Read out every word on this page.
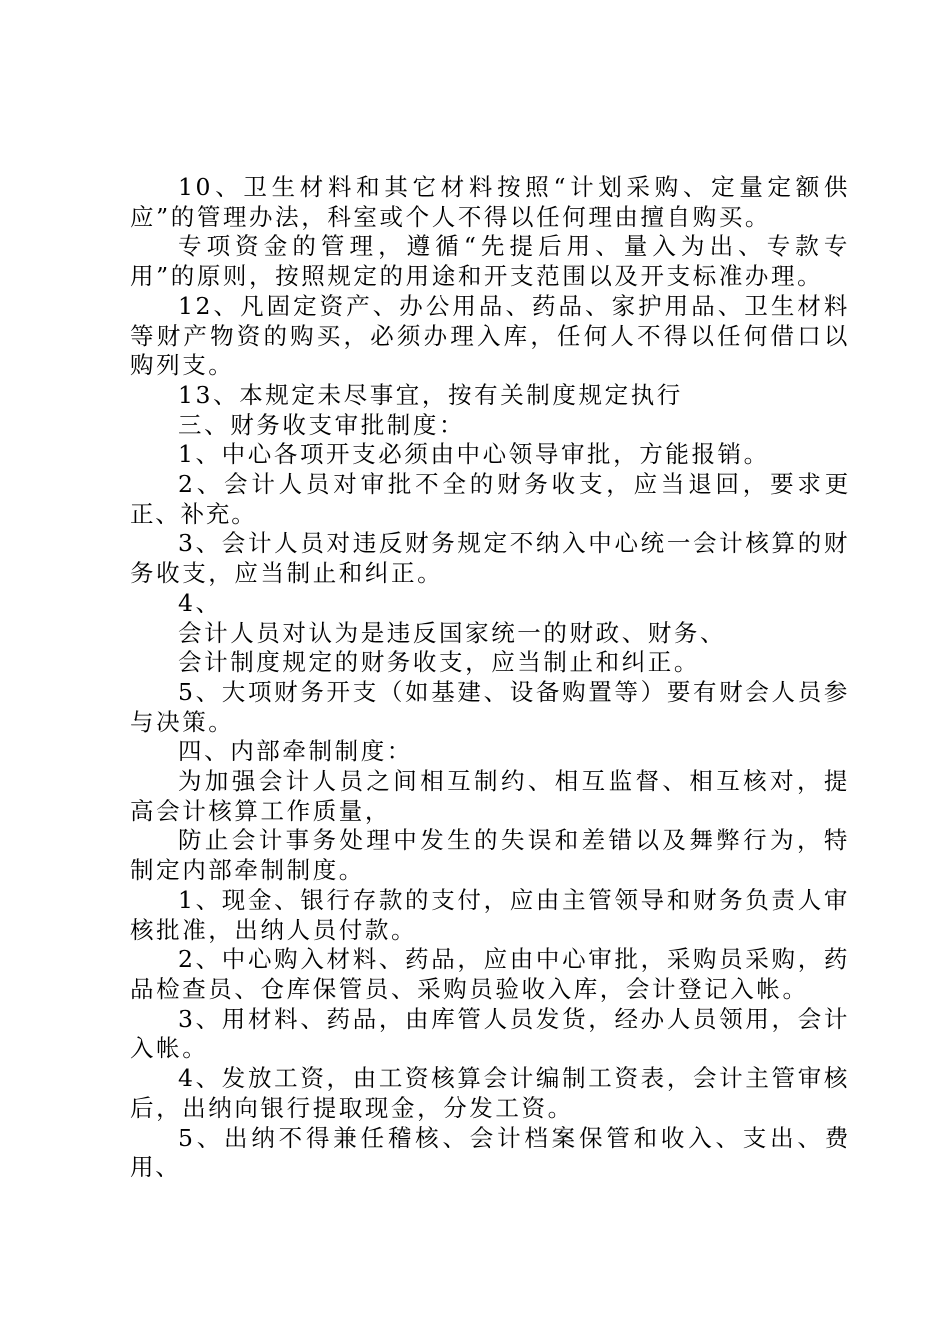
10、卫生材料和其它材料按照“计划采购、定量定额供应”的管理办法，科室或个人不得以任何理由擅自购买。

专项资金的管理，遵循“先提后用、量入为出、专款专用”的原则，按照规定的用途和开支范围以及开支标准办理。

12、凡固定资产、办公用品、药品、家护用品、卫生材料等财产物资的购买，必须办理入库，任何人不得以任何借口以购列支。

13、本规定未尽事宜，按有关制度规定执行

三、财务收支审批制度：

1、中心各项开支必须由中心领导审批，方能报销。

2、会计人员对审批不全的财务收支，应当退回，要求更正、补充。

3、会计人员对违反财务规定不纳入中心统一会计核算的财务收支，应当制止和纠正。

4、

会计人员对认为是违反国家统一的财政、财务、

会计制度规定的财务收支，应当制止和纠正。

5、大项财务开支（如基建、设备购置等）要有财会人员参与决策。

四、内部牵制制度：

为加强会计人员之间相互制约、相互监督、相互核对，提高会计核算工作质量，

防止会计事务处理中发生的失误和差错以及舞弊行为，特制定内部牵制制度。

1、现金、银行存款的支付，应由主管领导和财务负责人审核批准，出纳人员付款。

2、中心购入材料、药品，应由中心审批，采购员采购，药品检查员、仓库保管员、采购员验收入库，会计登记入帐。

3、用材料、药品，由库管人员发货，经办人员领用，会计入帐。

4、发放工资，由工资核算会计编制工资表，会计主管审核后，出纳向银行提取现金，分发工资。

5、出纳不得兼任稽核、会计档案保管和收入、支出、费用、
